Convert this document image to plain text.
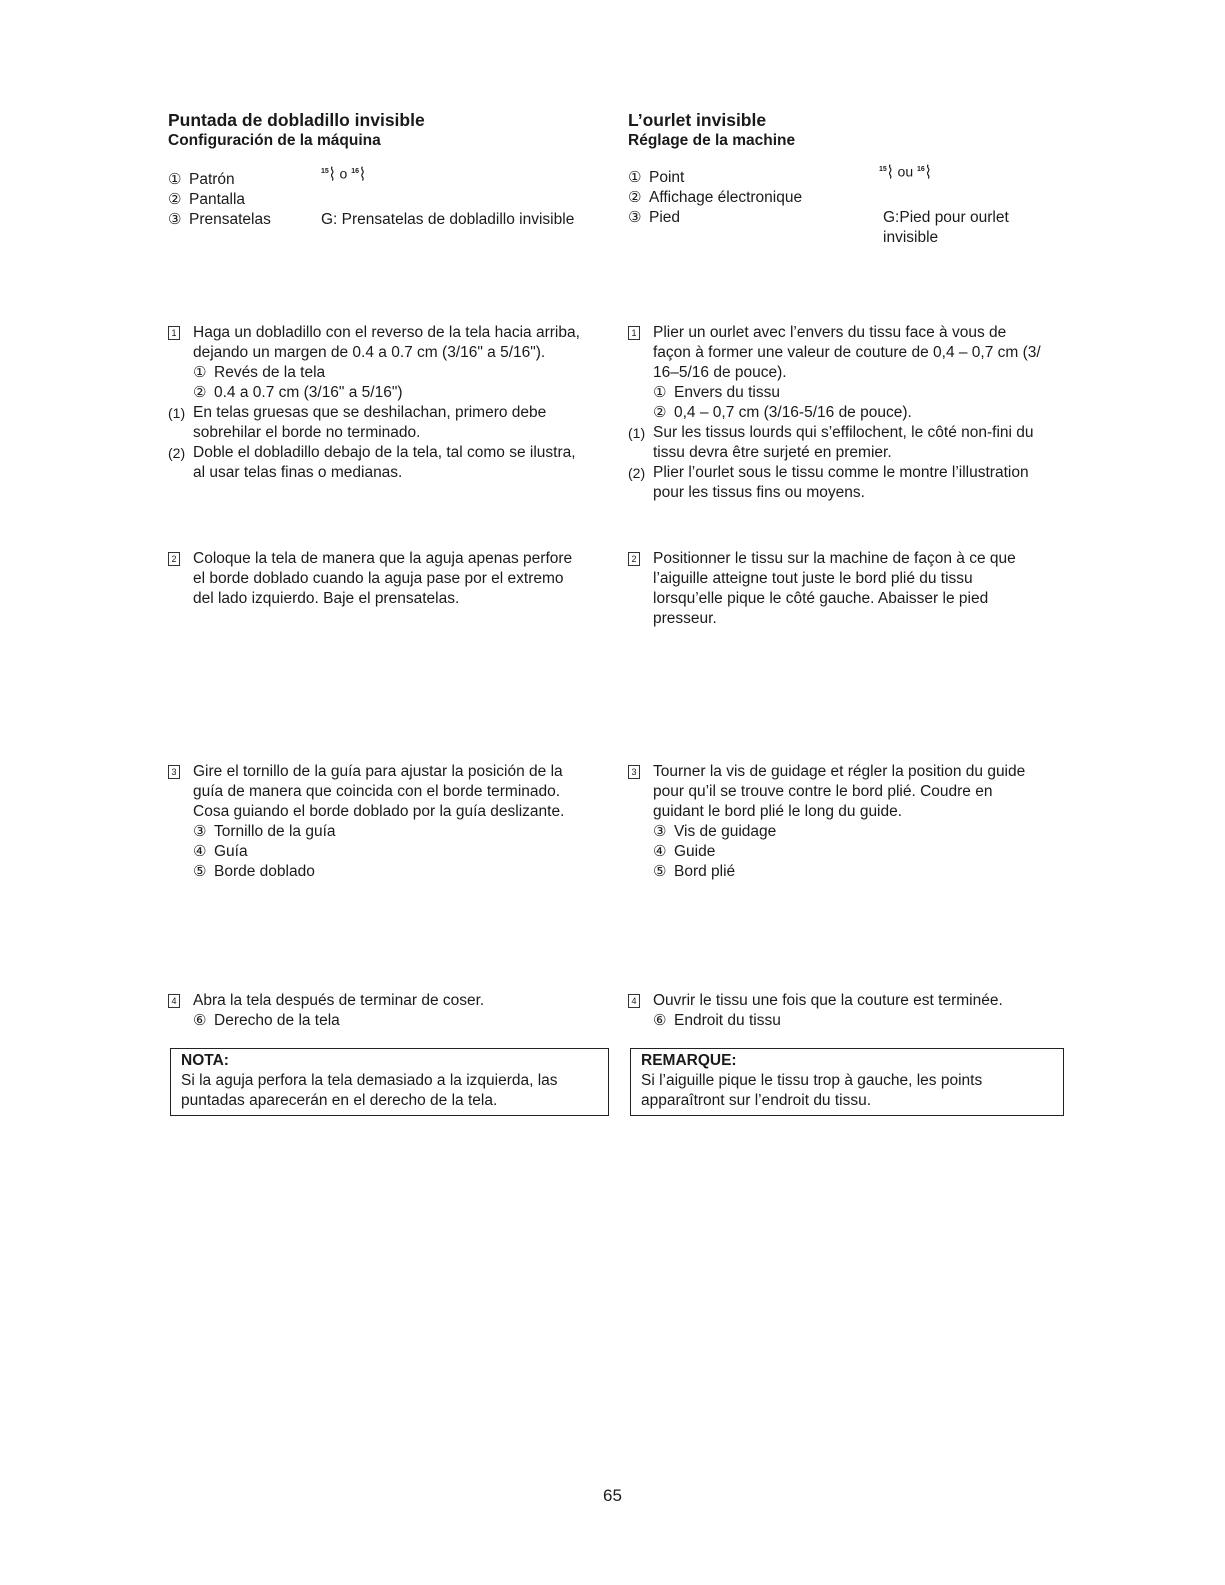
Puntada de dobladillo invisible
Configuración de la máquina
① Patrón	$^{15}$⌇ o $^{16}$⌇
② Pantalla
③ Prensatelas	G: Prensatelas de dobladillo invisible
1	Haga un dobladillo con el reverso de la tela hacia arriba,
dejando un margen de 0.4 a 0.7 cm (3/16" a 5/16").
① Revés de la tela
② 0.4 a 0.7 cm (3/16" a 5/16")
(1) En telas gruesas que se deshilachan, primero debe
sobrehilar el borde no terminado.
(2) Doble el dobladillo debajo de la tela, tal como se ilustra,
al usar telas finas o medianas.
2	Coloque la tela de manera que la aguja apenas perfore
el borde doblado cuando la aguja pase por el extremo
del lado izquierdo. Baje el prensatelas.
3	Gire el tornillo de la guía para ajustar la posición de la
guía de manera que coincida con el borde terminado.
Cosa guiando el borde doblado por la guía deslizante.
③ Tornillo de la guía
④ Guía
⑤ Borde doblado
4	Abra la tela después de terminar de coser.
⑥ Derecho de la tela
NOTA:
Si la aguja perfora la tela demasiado a la izquierda, las
puntadas aparecerán en el derecho de la tela.
L’ourlet invisible
Réglage de la machine
① Point	$^{15}$⌇ ou $^{16}$⌇
② Affichage électronique
③ Pied	G:Pied pour ourlet
invisible
1	Plier un ourlet avec l’envers du tissu face à vous de
façon à former une valeur de couture de 0,4 – 0,7 cm (3/
16–5/16 de pouce).
① Envers du tissu
② 0,4 – 0,7 cm (3/16-5/16 de pouce).
(1) Sur les tissus lourds qui s’effilochent, le côté non-fini du
tissu devra être surjeté en premier.
(2) Plier l’ourlet sous le tissu comme le montre l’illustration
pour les tissus fins ou moyens.
2	Positionner le tissu sur la machine de façon à ce que
l’aiguille atteigne tout juste le bord plié du tissu
lorsqu’elle pique le côté gauche. Abaisser le pied
presseur.
3	Tourner la vis de guidage et régler la position du guide
pour qu’il se trouve contre le bord plié. Coudre en
guidant le bord plié le long du guide.
③ Vis de guidage
④ Guide
⑤ Bord plié
4	Ouvrir le tissu une fois que la couture est terminée.
⑥ Endroit du tissu
REMARQUE:
Si l’aiguille pique le tissu trop à gauche, les points
apparaîtront sur l’endroit du tissu.
65
